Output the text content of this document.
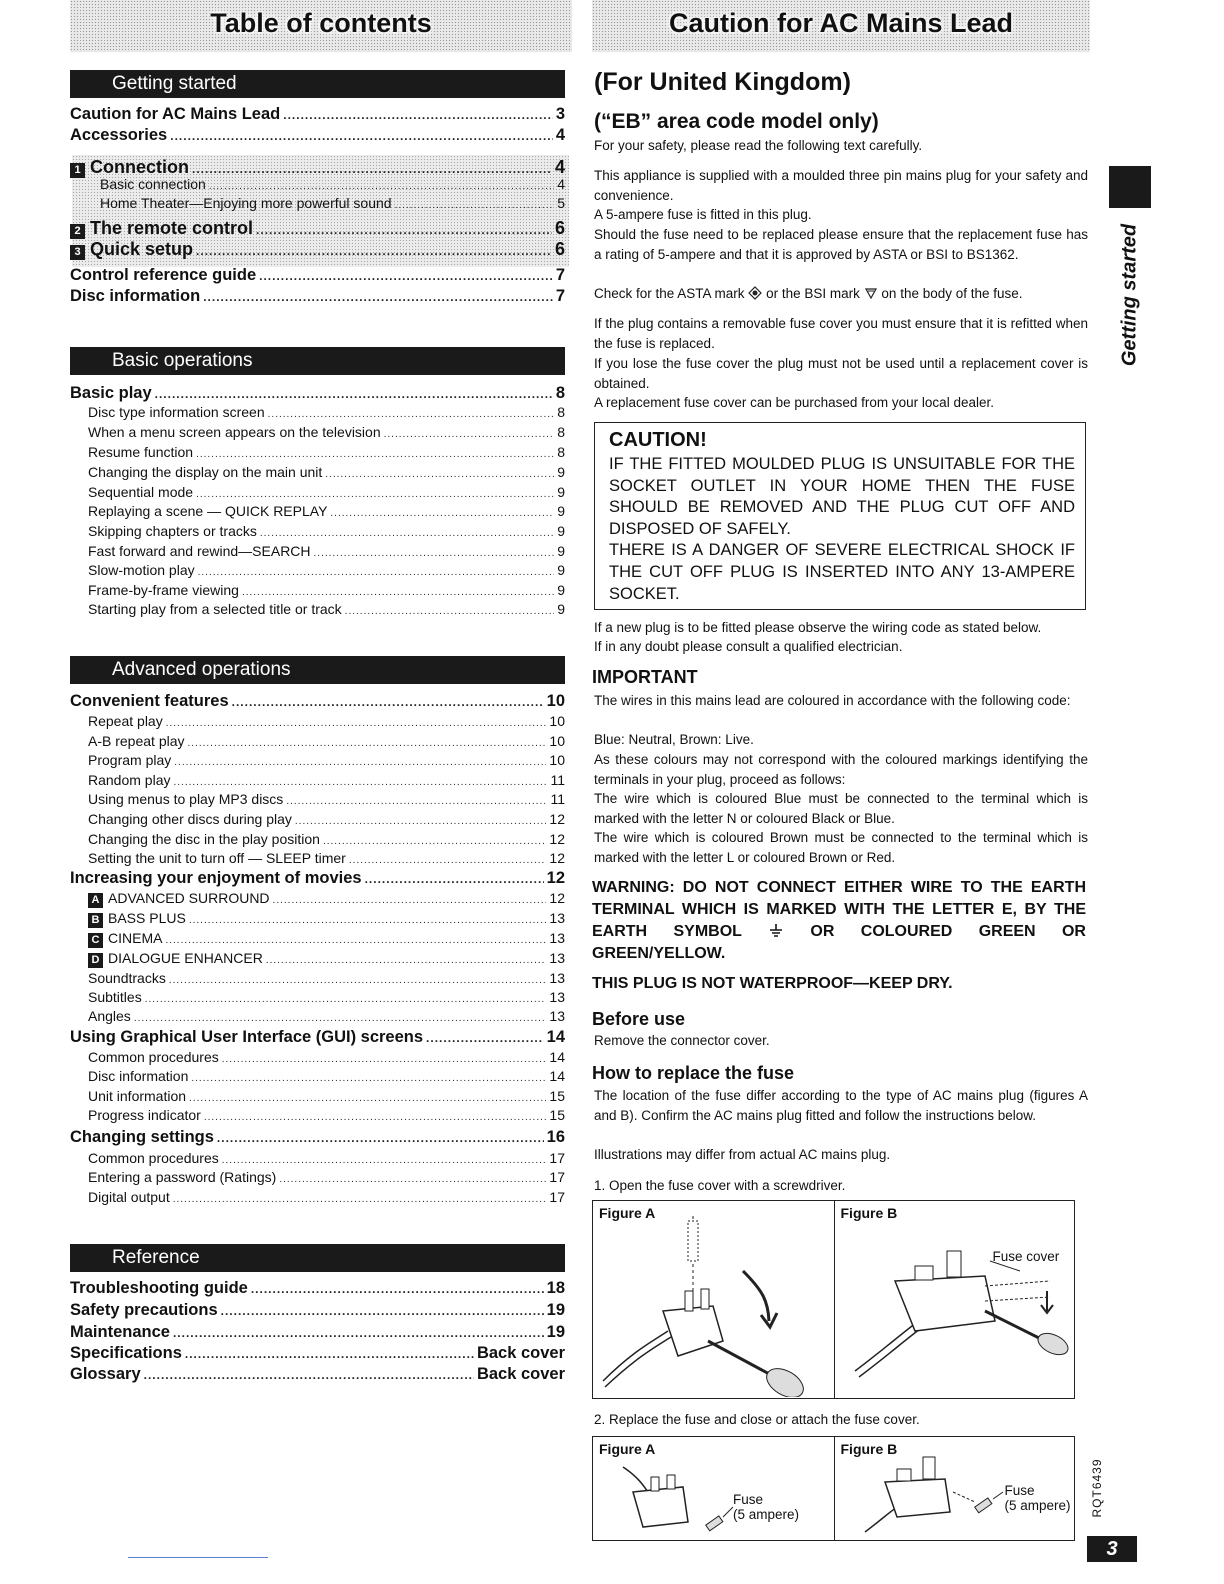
Table of contents	Caution for AC Mains Lead
Getting started
Caution for AC Mains Lead .....	3
Accessories .....	4
1 Connection .....	4
Basic connection .....	4
Home Theater—Enjoying more powerful sound .....	5
2 The remote control .....	6
3 Quick setup .....	6
Control reference guide .....	7
Disc information .....	7
Basic operations
Basic play .....	8
Disc type information screen .....	8
When a menu screen appears on the television .....	8
Resume function .....	8
Changing the display on the main unit .....	9
Sequential mode .....	9
Replaying a scene — QUICK REPLAY .....	9
Skipping chapters or tracks .....	9
Fast forward and rewind—SEARCH .....	9
Slow-motion play .....	9
Frame-by-frame viewing .....	9
Starting play from a selected title or track .....	9
Advanced operations
Convenient features .....	10
Repeat play .....	10
A-B repeat play .....	10
Program play .....	10
Random play .....	11
Using menus to play MP3 discs .....	11
Changing other discs during play .....	12
Changing the disc in the play position .....	12
Setting the unit to turn off — SLEEP timer .....	12
Increasing your enjoyment of movies .....	12
A ADVANCED SURROUND .....	12
B BASS PLUS .....	13
C CINEMA .....	13
D DIALOGUE ENHANCER .....	13
Soundtracks .....	13
Subtitles .....	13
Angles .....	13
Using Graphical User Interface (GUI) screens .....	14
Common procedures .....	14
Disc information .....	14
Unit information .....	15
Progress indicator .....	15
Changing settings .....	16
Common procedures .....	17
Entering a password (Ratings) .....	17
Digital output .....	17
Reference
Troubleshooting guide .....	18
Safety precautions .....	19
Maintenance .....	19
Specifications .....	Back cover
Glossary .....	Back cover
(For United Kingdom)
(“EB” area code model only)
For your safety, please read the following text carefully.
This appliance is supplied with a moulded three pin mains plug for your safety and convenience.
A 5-ampere fuse is fitted in this plug.
Should the fuse need to be replaced please ensure that the replacement fuse has a rating of 5-ampere and that it is approved by ASTA or BSI to BS1362.
Check for the ASTA mark or the BSI mark on the body of the fuse.
If the plug contains a removable fuse cover you must ensure that it is refitted when the fuse is replaced.
If you lose the fuse cover the plug must not be used until a replacement cover is obtained.
A replacement fuse cover can be purchased from your local dealer.
CAUTION!
IF THE FITTED MOULDED PLUG IS UNSUITABLE FOR THE SOCKET OUTLET IN YOUR HOME THEN THE FUSE SHOULD BE REMOVED AND THE PLUG CUT OFF AND DISPOSED OF SAFELY.
THERE IS A DANGER OF SEVERE ELECTRICAL SHOCK IF THE CUT OFF PLUG IS INSERTED INTO ANY 13-AMPERE SOCKET.
If a new plug is to be fitted please observe the wiring code as stated below.
If in any doubt please consult a qualified electrician.
IMPORTANT
The wires in this mains lead are coloured in accordance with the following code:
Blue: Neutral, Brown: Live.
As these colours may not correspond with the coloured markings identifying the terminals in your plug, proceed as follows:
The wire which is coloured Blue must be connected to the terminal which is marked with the letter N or coloured Black or Blue.
The wire which is coloured Brown must be connected to the terminal which is marked with the letter L or coloured Brown or Red.
WARNING: DO NOT CONNECT EITHER WIRE TO THE EARTH TERMINAL WHICH IS MARKED WITH THE LETTER E, BY THE EARTH SYMBOL	OR COLOURED GREEN OR GREEN/YELLOW.
THIS PLUG IS NOT WATERPROOF—KEEP DRY.
Before use
Remove the connector cover.
How to replace the fuse
The location of the fuse differ according to the type of AC mains plug (figures A and B). Confirm the AC mains plug fitted and follow the instructions below.
Illustrations may differ from actual AC mains plug.
1. Open the fuse cover with a screwdriver.
Figure A	Figure B
Fuse cover
2. Replace the fuse and close or attach the fuse cover.
Figure A
Fuse
(5 ampere)
Figure B
Fuse
(5 ampere)
Getting started
RQT6439
3
